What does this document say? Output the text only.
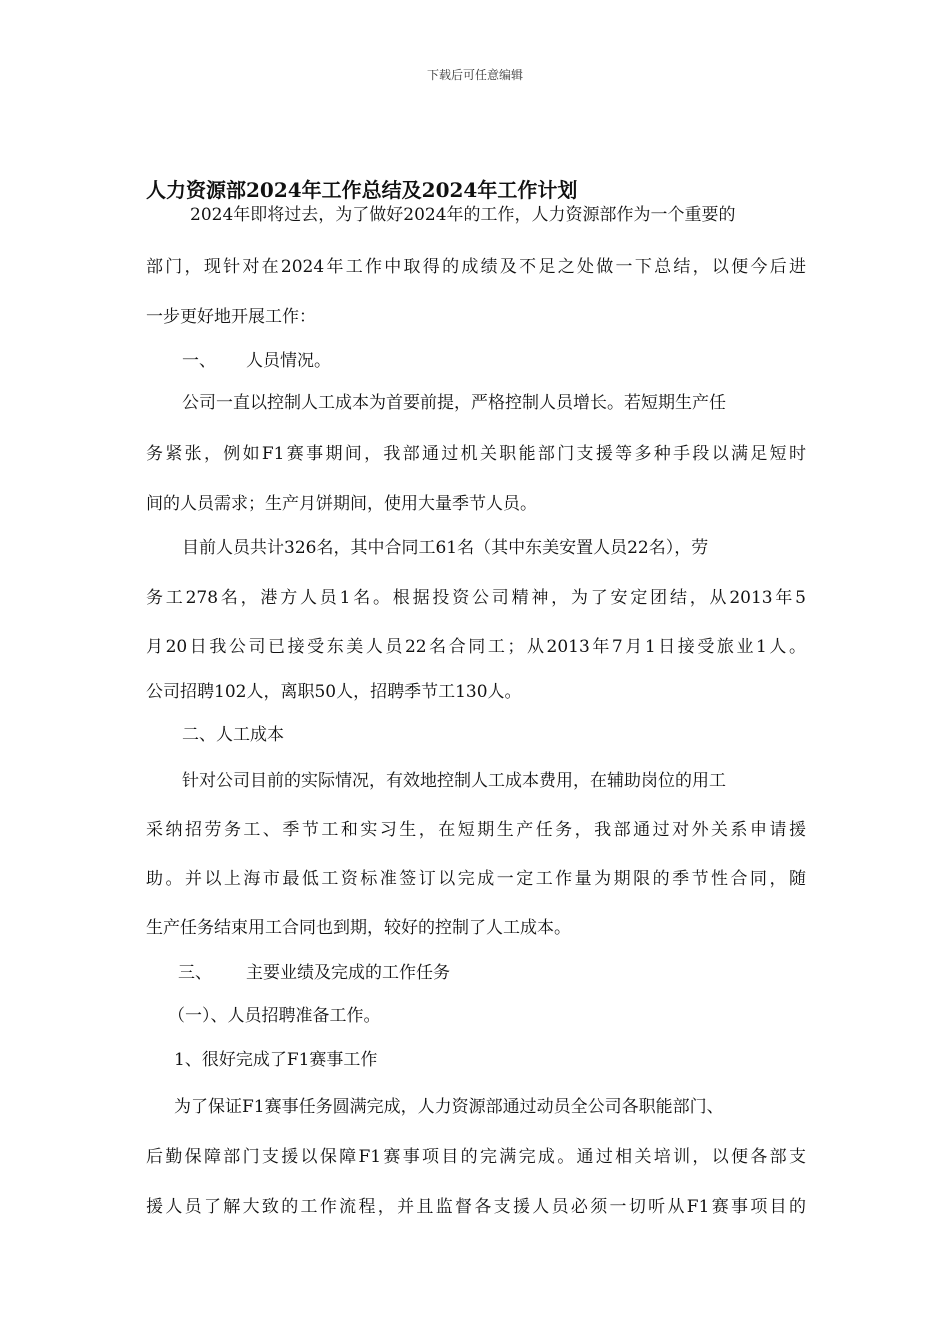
下载后可任意编辑
人力资源部2024年工作总结及2024年工作计划
2024年即将过去，为了做好2024年的工作，人力资源部作为一个重要的
部门，现针对在2024年工作中取得的成绩及不足之处做一下总结，以便今后进
一步更好地开展工作：
一、 人员情况。
公司一直以控制人工成本为首要前提，严格控制人员增长。若短期生产任
务紧张，例如F1赛事期间，我部通过机关职能部门支援等多种手段以满足短时
间的人员需求；生产月饼期间，使用大量季节人员。
目前人员共计326名，其中合同工61名（其中东美安置人员22名），劳
务工278名，港方人员1名。根据投资公司精神，为了安定团结，从2013年5
月20日我公司已接受东美人员22名合同工；从2013年7月1日接受旅业1人。
公司招聘102人，离职50人，招聘季节工130人。
二、人工成本
针对公司目前的实际情况，有效地控制人工成本费用，在辅助岗位的用工
采纳招劳务工、季节工和实习生，在短期生产任务，我部通过对外关系申请援
助。并以上海市最低工资标准签订以完成一定工作量为期限的季节性合同，随
生产任务结束用工合同也到期，较好的控制了人工成本。
三、 主要业绩及完成的工作任务
（一）、人员招聘准备工作。
1、很好完成了F1赛事工作
为了保证F1赛事任务圆满完成，人力资源部通过动员全公司各职能部门、
后勤保障部门支援以保障F1赛事项目的完满完成。通过相关培训，以便各部支
援人员了解大致的工作流程，并且监督各支援人员必须一切听从F1赛事项目的
